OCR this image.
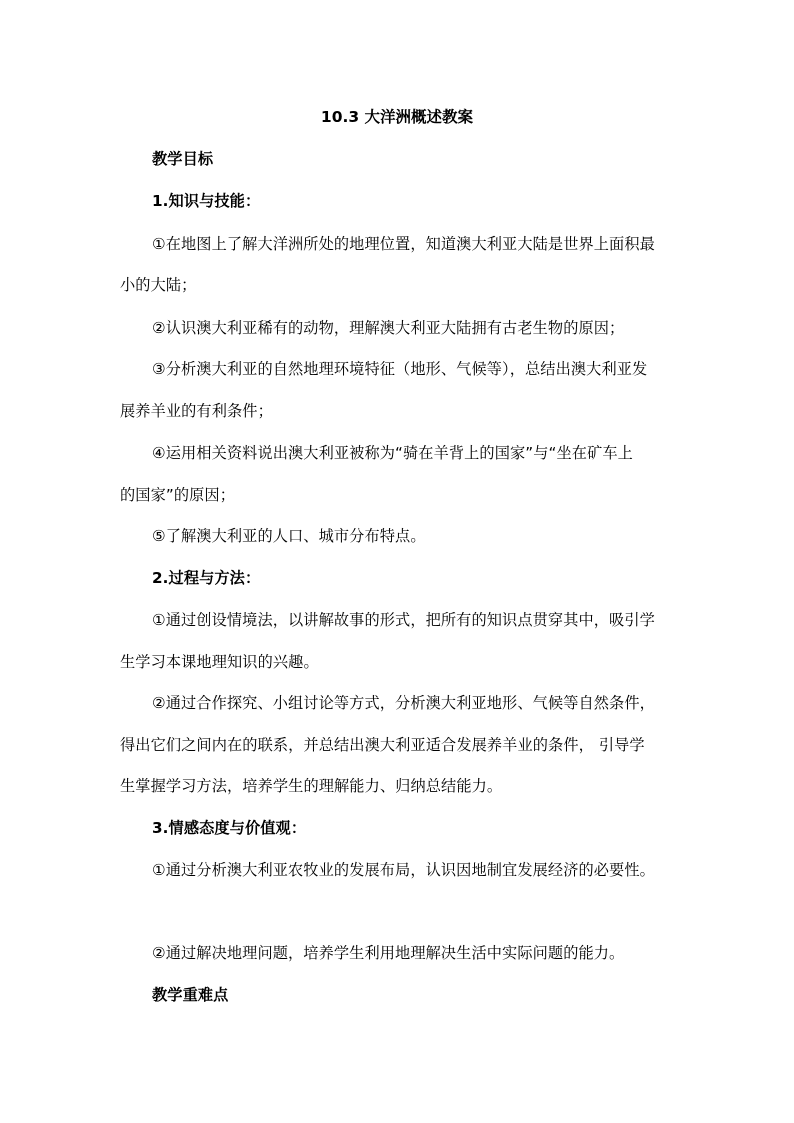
10.3 大洋洲概述教案
教学目标
1.知识与技能：
①在地图上了解大洋洲所处的地理位置，知道澳大利亚大陆是世界上面积最
小的大陆；
②认识澳大利亚稀有的动物，理解澳大利亚大陆拥有古老生物的原因；
③分析澳大利亚的自然地理环境特征（地形、气候等），总结出澳大利亚发
展养羊业的有利条件；
④运用相关资料说出澳大利亚被称为“骑在羊背上的国家”与“坐在矿车上
的国家”的原因；
⑤了解澳大利亚的人口、城市分布特点。
2.过程与方法：
①通过创设情境法，以讲解故事的形式，把所有的知识点贯穿其中，吸引学
生学习本课地理知识的兴趣。
②通过合作探究、小组讨论等方式，分析澳大利亚地形、气候等自然条件，
得出它们之间内在的联系，并总结出澳大利亚适合发展养羊业的条件， 引导学
生掌握学习方法，培养学生的理解能力、归纳总结能力。
3.情感态度与价值观：
①通过分析澳大利亚农牧业的发展布局，认识因地制宜发展经济的必要性。
②通过解决地理问题，培养学生利用地理解决生活中实际问题的能力。
教学重难点
